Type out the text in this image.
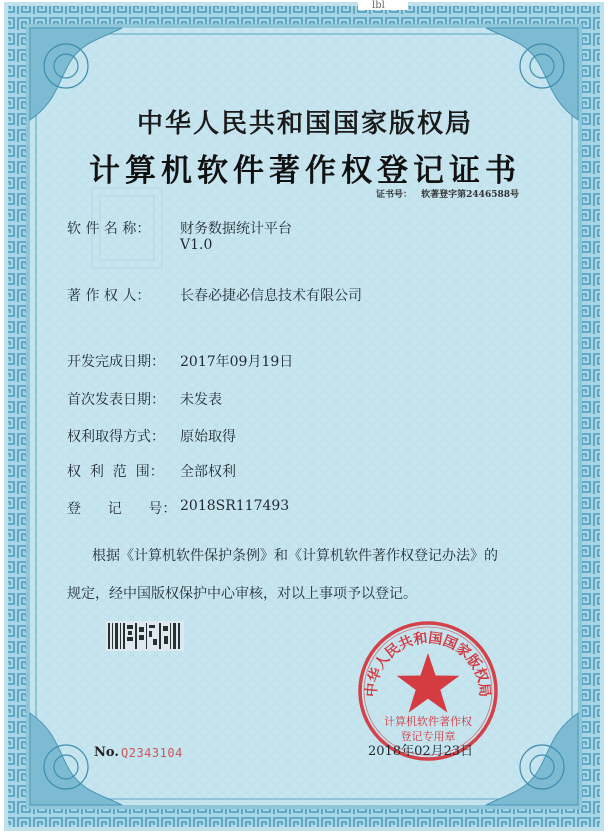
lbl
中华人民共和国国家版权局
计算机软件著作权登记证书
证书号： 软著登字第2446588号
软 件 名 称： 财务数据统计平台
V1.0
著 作 权 人： 长春必捷必信息技术有限公司
开发完成日期： 2017年09月19日
首次发表日期： 未发表
权利取得方式： 原始取得
权  利  范  围： 全部权利
登      记      号： 2018SR117493
根据《计算机软件保护条例》和《计算机软件著作权登记办法》的
规定，经中国版权保护中心审核，对以上事项予以登记。
中华人民共和国国家版权局
计算机软件著作权
登记专用章
No. Q2343104	2018年02月23日
